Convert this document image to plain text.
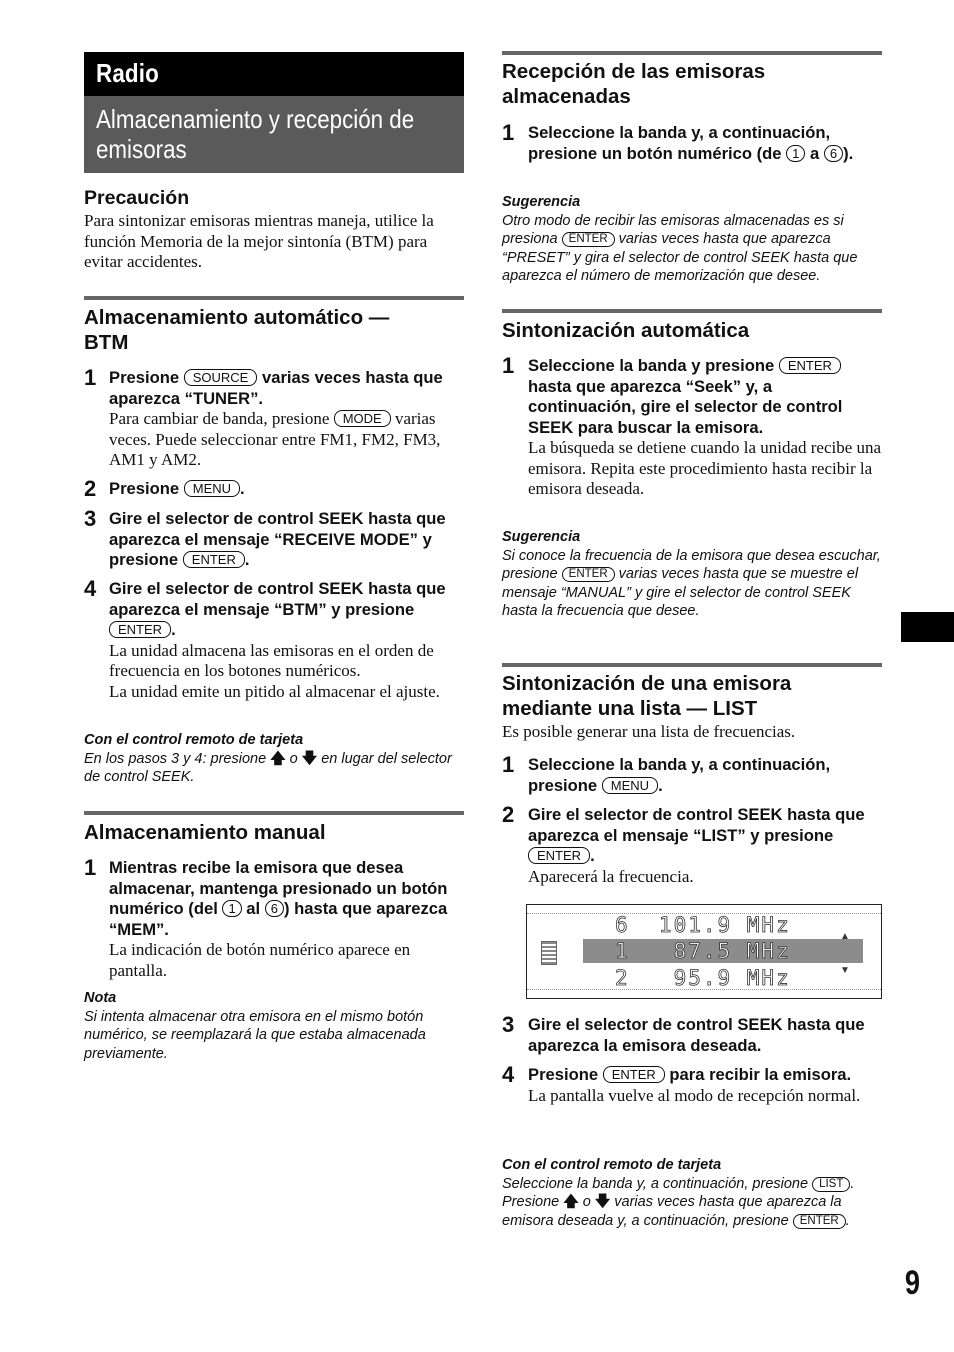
Radio
Almacenamiento y recepción de emisoras
Precaución
Para sintonizar emisoras mientras maneja, utilice la función Memoria de la mejor sintonía (BTM) para evitar accidentes.
Almacenamiento automático — BTM
1 Presione SOURCE varias veces hasta que aparezca “TUNER”.
Para cambiar de banda, presione MODE varias veces. Puede seleccionar entre FM1, FM2, FM3, AM1 y AM2.
2 Presione MENU .
3 Gire el selector de control SEEK hasta que aparezca el mensaje “RECEIVE MODE” y presione ENTER .
4 Gire el selector de control SEEK hasta que aparezca el mensaje “BTM” y presione ENTER .
La unidad almacena las emisoras en el orden de frecuencia en los botones numéricos.
La unidad emite un pitido al almacenar el ajuste.
Con el control remoto de tarjeta
En los pasos 3 y 4: presione 🡅 o 🡇 en lugar del selector de control SEEK.
Almacenamiento manual
1 Mientras recibe la emisora que desea almacenar, mantenga presionado un botón numérico (del 1 al 6 ) hasta que aparezca “MEM”.
La indicación de botón numérico aparece en pantalla.
Nota
Si intenta almacenar otra emisora en el mismo botón numérico, se reemplazará la que estaba almacenada previamente.
Recepción de las emisoras almacenadas
1 Seleccione la banda y, a continuación, presione un botón numérico (de 1 a 6 ).
Sugerencia
Otro modo de recibir las emisoras almacenadas es si presiona ENTER varias veces hasta que aparezca “PRESET” y gira el selector de control SEEK hasta que aparezca el número de memorización que desee.
Sintonización automática
1 Seleccione la banda y presione ENTER hasta que aparezca “Seek” y, a continuación, gire el selector de control SEEK para buscar la emisora.
La búsqueda se detiene cuando la unidad recibe una emisora. Repita este procedimiento hasta recibir la emisora deseada.
Sugerencia
Si conoce la frecuencia de la emisora que desea escuchar, presione ENTER varias veces hasta que se muestre el mensaje “MANUAL” y gire el selector de control SEEK hasta la frecuencia que desee.
Sintonización de una emisora mediante una lista — LIST
Es posible generar una lista de frecuencias.
1 Seleccione la banda y, a continuación, presione MENU .
2 Gire el selector de control SEEK hasta que aparezca el mensaje “LIST” y presione ENTER .
Aparecerá la frecuencia.
6  101.9 MHz
1   87.5 MHz
2   95.9 MHz
▲
▼
3 Gire el selector de control SEEK hasta que aparezca la emisora deseada.
4 Presione ENTER para recibir la emisora.
La pantalla vuelve al modo de recepción normal.
Con el control remoto de tarjeta
Seleccione la banda y, a continuación, presione LIST . Presione 🡅 o 🡇 varias veces hasta que aparezca la emisora deseada y, a continuación, presione ENTER .
9
